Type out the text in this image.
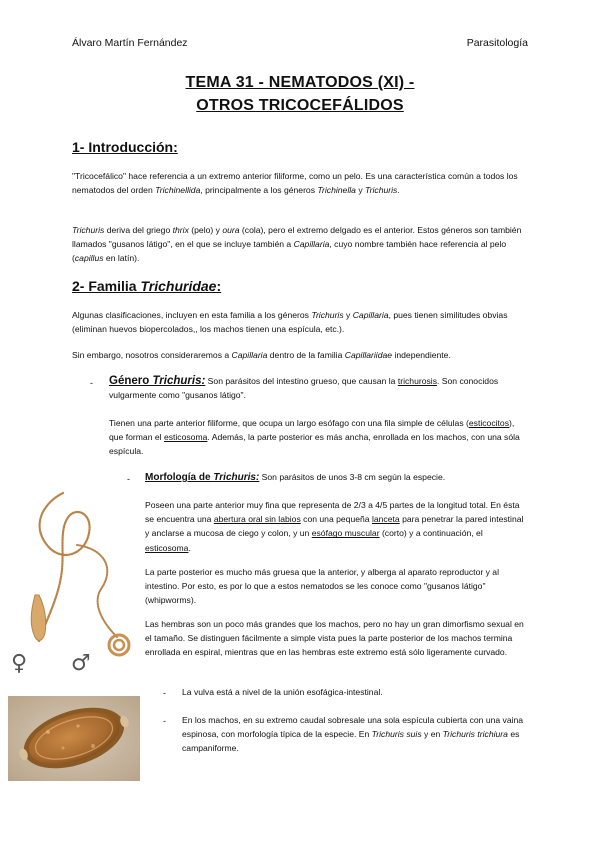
Álvaro Martín Fernández	Parasitología
TEMA 31 - NEMATODOS (XI) -
OTROS TRICOCEFÁLIDOS
1- Introducción:
"Tricocefálico" hace referencia a un extremo anterior filiforme, como un pelo. Es una característica común a todos los nematodos del orden Trichinellida, principalmente a los géneros Trichinella y Trichuris.
Trichuris deriva del griego thrix (pelo) y oura (cola), pero el extremo delgado es el anterior. Estos géneros son también llamados "gusanos látigo", en el que se incluye también a Capillaria, cuyo nombre también hace referencia al pelo (capillus en latín).
2- Familia Trichuridae:
Algunas clasificaciones, incluyen en esta familia a los géneros Trichuris y Capillaria, pues tienen similitudes obvias (eliminan huevos biopercolados,, los machos tienen una espícula, etc.).
Sin embargo, nosotros consideraremos a Capillaria dentro de la familia Capillariidae independiente.
- Género Trichuris: Son parásitos del intestino grueso, que causan la trichurosis. Son conocidos vulgarmente como "gusanos látigo".
Tienen una parte anterior filiforme, que ocupa un largo esófago con una fila simple de células (esticocitos), que forman el esticosoma. Además, la parte posterior es más ancha, enrollada en los machos, con una sóla espícula.
- Morfología de Trichuris: Son parásitos de unos 3-8 cm según la especie.
Poseen una parte anterior muy fina que representa de 2/3 a 4/5 partes de la longitud total. En ésta se encuentra una abertura oral sin labios con una pequeña lanceta para penetrar la pared intestinal y anclarse a mucosa de ciego y colon, y un esófago muscular (corto) y a continuación, el esticosoma.
La parte posterior es mucho más gruesa que la anterior, y alberga al aparato reproductor y al intestino. Por esto, es por lo que a estos nematodos se les conoce como "gusanos látigo" (whipworms).
Las hembras son un poco más grandes que los machos, pero no hay un gran dimorfismo sexual en el tamaño. Se distinguen fácilmente a simple vista pues la parte posterior de los machos termina enrollada en espiral, mientras que en las hembras este extremo está sólo ligeramente curvado.
- La vulva está a nivel de la unión esofágica-intestinal.
- En los machos, en su extremo caudal sobresale una sola espícula cubierta con una vaina espinosa, con morfología típica de la especie. En Trichuris suis y en Trichuris trichiura es campaniforme.
♀ ♂
